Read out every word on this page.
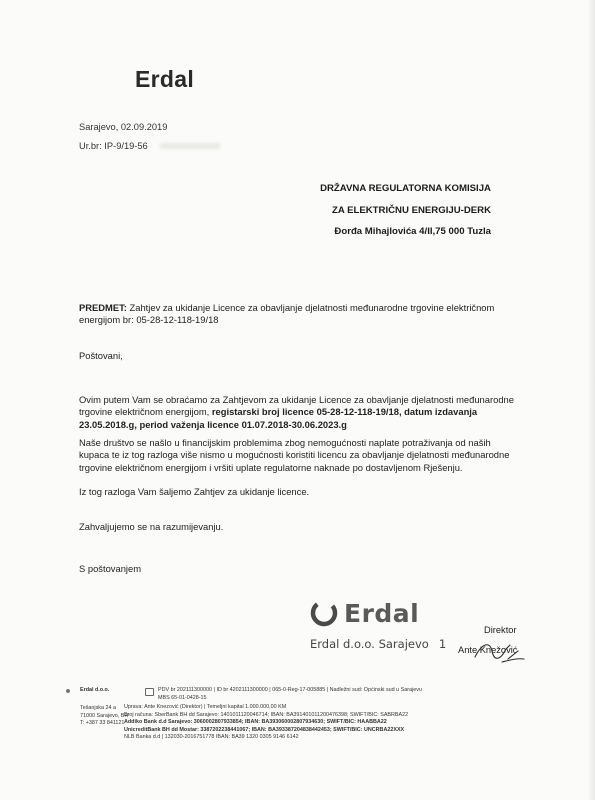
Erdal
Sarajevo, 02.09.2019
Ur.br: IP-9/19-56
DRŽAVNA REGULATORNA KOMISIJA
ZA ELEKTRIČNU ENERGIJU-DERK
Đorđa Mihajlovića 4/II,75 000 Tuzla
PREDMET: Zahtjev za ukidanje Licence za obavljanje djelatnosti međunarodne trgovine električnom
energijom br: 05-28-12-118-19/18
Poštovani,
Ovim putem Vam se obraćamo za Zahtjevom za ukidanje Licence za obavljanje djelatnosti međunarodne
trgovine električnom energijom, registarski broj licence 05-28-12-118-19/18, datum izdavanja
23.05.2018.g, period važenja licence 01.07.2018-30.06.2023.g
Naše društvo se našlo u financijskim problemima zbog nemogućnosti naplate potraživanja od naših
kupaca te iz tog razloga više nismo u mogućnosti koristiti licencu za obavljanje djelatnosti međunarodne
trgovine električnom energijom i vršiti uplate regulatorne naknade po dostavljenom Rješenju.
Iz tog razloga Vam šaljemo Zahtjev za ukidanje licence.
Zahvaljujemo se na razumijevanju.
S poštovanjem
Erdal
Erdal d.o.o. Sarajevo 1
Direktor
Ante Knežović
Erdal d.o.o.
Tešanjska 24 a
71000 Sarajevo, BH
T: +387 33 841121
PDV br 202111300000 | ID br 4202111300000 | 065-0-Reg-17-005885 | Nadležni sud: Općinski sud u Sarajevu
MBS 65-01-0428-15
Uprava: Ante Knezović (Direktor) | Temeljni kapital 1.000.000,00 KM
Broj računa: SberBank BH dd Sarajevo: 1401011120046714; IBAN: BA391401011200476398; SWIFT/BIC: SABRBA22
Addiko Bank d.d Sarajevo: 3060002807933854; IBAN: BA393060002807934630; SWIFT/BIC: HAABBA22
UnicreditBank BH dd Mostar: 3387202238441067; IBAN: BA393387204838442453; SWIFT/BIC: UNCRBA22XXX
NLB Banka d.d | 132030-2016751778 IBAN: BA39 1320 0305 9146 6142
